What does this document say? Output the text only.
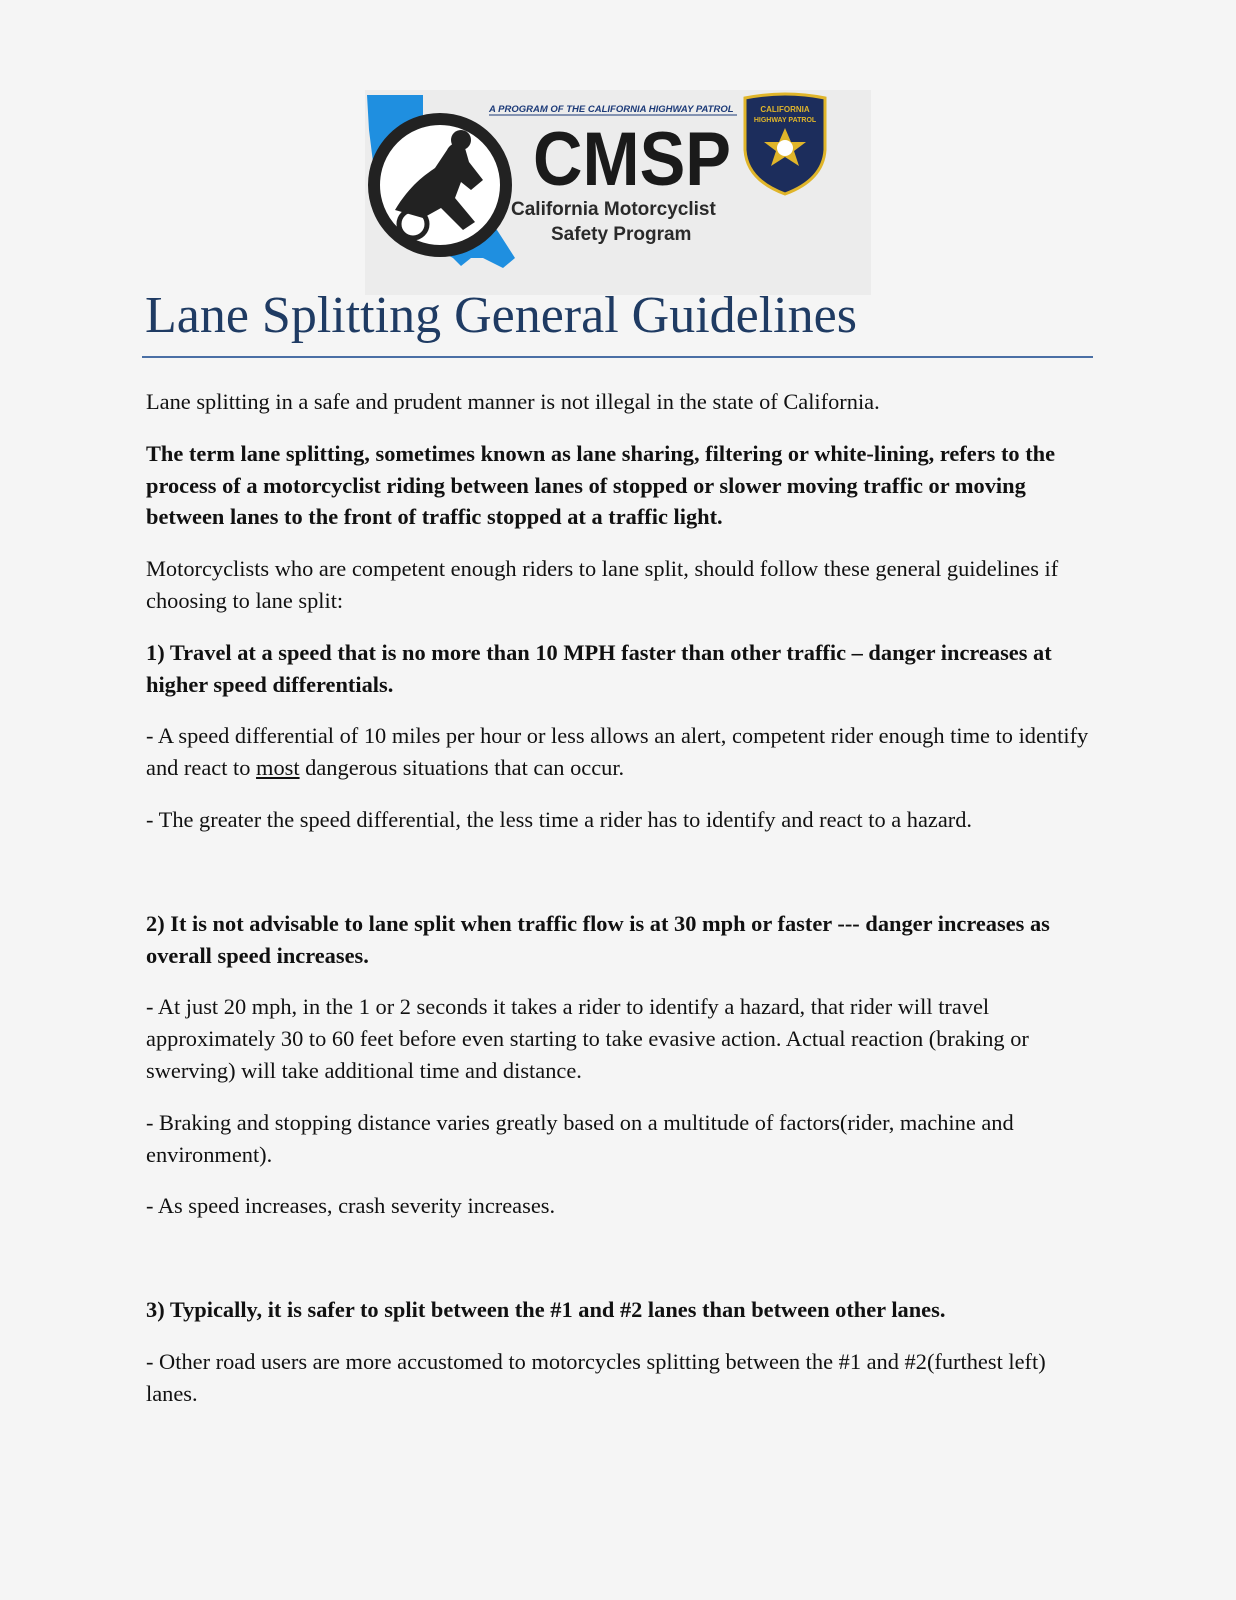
A PROGRAM OF THE CALIFORNIA HIGHWAY PATROL
CMSP
California Motorcyclist
Safety Program
CALIFORNIA
HIGHWAY PATROL
Lane Splitting General Guidelines

Lane splitting in a safe and prudent manner is not illegal in the state of California.

The term lane splitting, sometimes known as lane sharing, filtering or white-lining, refers to the process of a motorcyclist riding between lanes of stopped or slower moving traffic or moving between lanes to the front of traffic stopped at a traffic light.

Motorcyclists who are competent enough riders to lane split, should follow these general guidelines if choosing to lane split:

1) Travel at a speed that is no more than 10 MPH faster than other traffic – danger increases at higher speed differentials.

- A speed differential of 10 miles per hour or less allows an alert, competent rider enough time to identify and react to most dangerous situations that can occur.

- The greater the speed differential, the less time a rider has to identify and react to a hazard.

2) It is not advisable to lane split when traffic flow is at 30 mph or faster --- danger increases as overall speed increases.

- At just 20 mph, in the 1 or 2 seconds it takes a rider to identify a hazard, that rider will travel approximately 30 to 60 feet before even starting to take evasive action. Actual reaction (braking or swerving) will take additional time and distance.

- Braking and stopping distance varies greatly based on a multitude of factors(rider, machine and environment).

- As speed increases, crash severity increases.

3) Typically, it is safer to split between the #1 and #2 lanes than between other lanes.

- Other road users are more accustomed to motorcycles splitting between the #1 and #2(furthest left) lanes.
